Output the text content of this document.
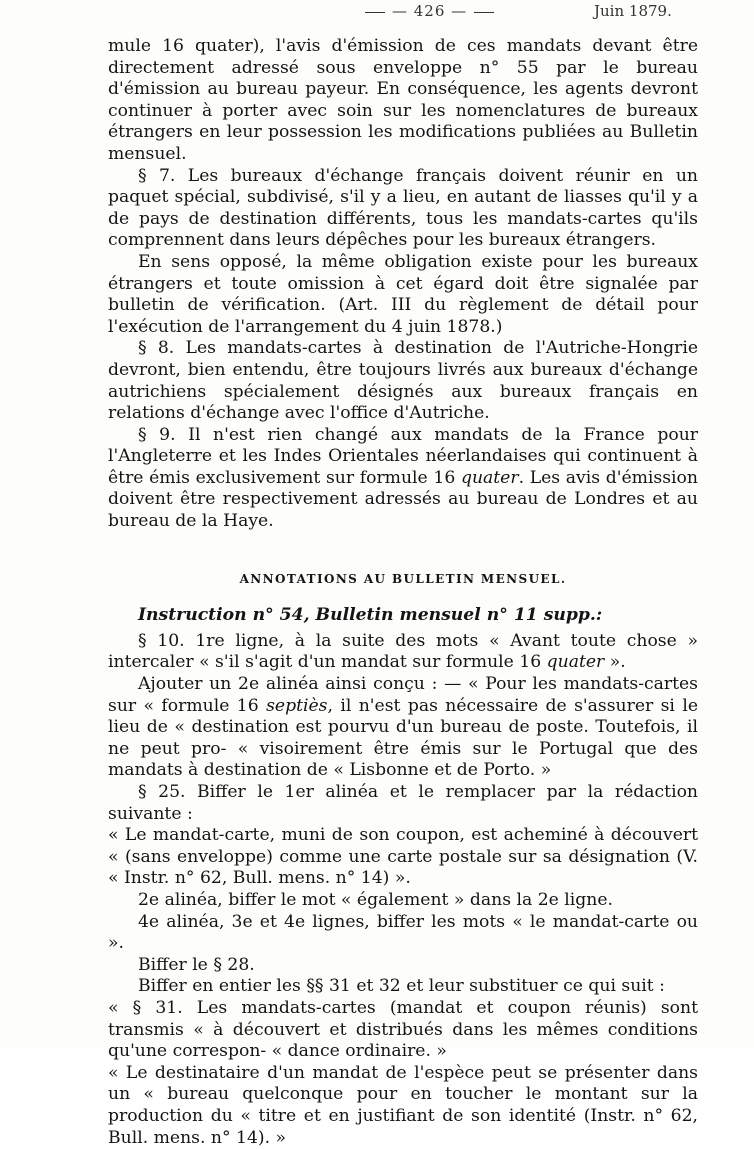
— 426 —	Juin 1879.

mule 16 quater), l'avis d'émission de ces mandats devant être directement adressé sous enveloppe n° 55 par le bureau d'émission au bureau payeur. En conséquence, les agents devront continuer à porter avec soin sur les nomenclatures de bureaux étrangers en leur possession les modifications publiées au Bulletin mensuel.

§ 7. Les bureaux d'échange français doivent réunir en un paquet spécial, subdivisé, s'il y a lieu, en autant de liasses qu'il y a de pays de destination différents, tous les mandats-cartes qu'ils comprennent dans leurs dépêches pour les bureaux étrangers.

En sens opposé, la même obligation existe pour les bureaux étrangers et toute omission à cet égard doit être signalée par bulletin de vérification. (Art. III du règlement de détail pour l'exécution de l'arrangement du 4 juin 1878.)

§ 8. Les mandats-cartes à destination de l'Autriche-Hongrie devront, bien entendu, être toujours livrés aux bureaux d'échange autrichiens spécialement désignés aux bureaux français en relations d'échange avec l'office d'Autriche.

§ 9. Il n'est rien changé aux mandats de la France pour l'Angleterre et les Indes Orientales néerlandaises qui continuent à être émis exclusivement sur formule 16 quater. Les avis d'émission doivent être respectivement adressés au bureau de Londres et au bureau de la Haye.

ANNOTATIONS AU BULLETIN MENSUEL.

Instruction n° 54, Bulletin mensuel n° 11 supp.:

§ 10. 1re ligne, à la suite des mots « Avant toute chose » intercaler « s'il s'agit d'un mandat sur formule 16 quater ».

Ajouter un 2e alinéa ainsi conçu : — « Pour les mandats-cartes sur « formule 16 septiès, il n'est pas nécessaire de s'assurer si le lieu de « destination est pourvu d'un bureau de poste. Toutefois, il ne peut pro- « visoirement être émis sur le Portugal que des mandats à destination de « Lisbonne et de Porto. »

§ 25. Biffer le 1er alinéa et le remplacer par la rédaction suivante :

« Le mandat-carte, muni de son coupon, est acheminé à découvert « (sans enveloppe) comme une carte postale sur sa désignation (V. « Instr. n° 62, Bull. mens. n° 14) ».

2e alinéa, biffer le mot « également » dans la 2e ligne.

4e alinéa, 3e et 4e lignes, biffer les mots « le mandat-carte ou ».

Biffer le § 28.

Biffer en entier les §§ 31 et 32 et leur substituer ce qui suit :

« § 31. Les mandats-cartes (mandat et coupon réunis) sont transmis « à découvert et distribués dans les mêmes conditions qu'une correspon- « dance ordinaire. »

« Le destinataire d'un mandat de l'espèce peut se présenter dans un « bureau quelconque pour en toucher le montant sur la production du « titre et en justifiant de son identité (Instr. n° 62, Bull. mens. n° 14). »
